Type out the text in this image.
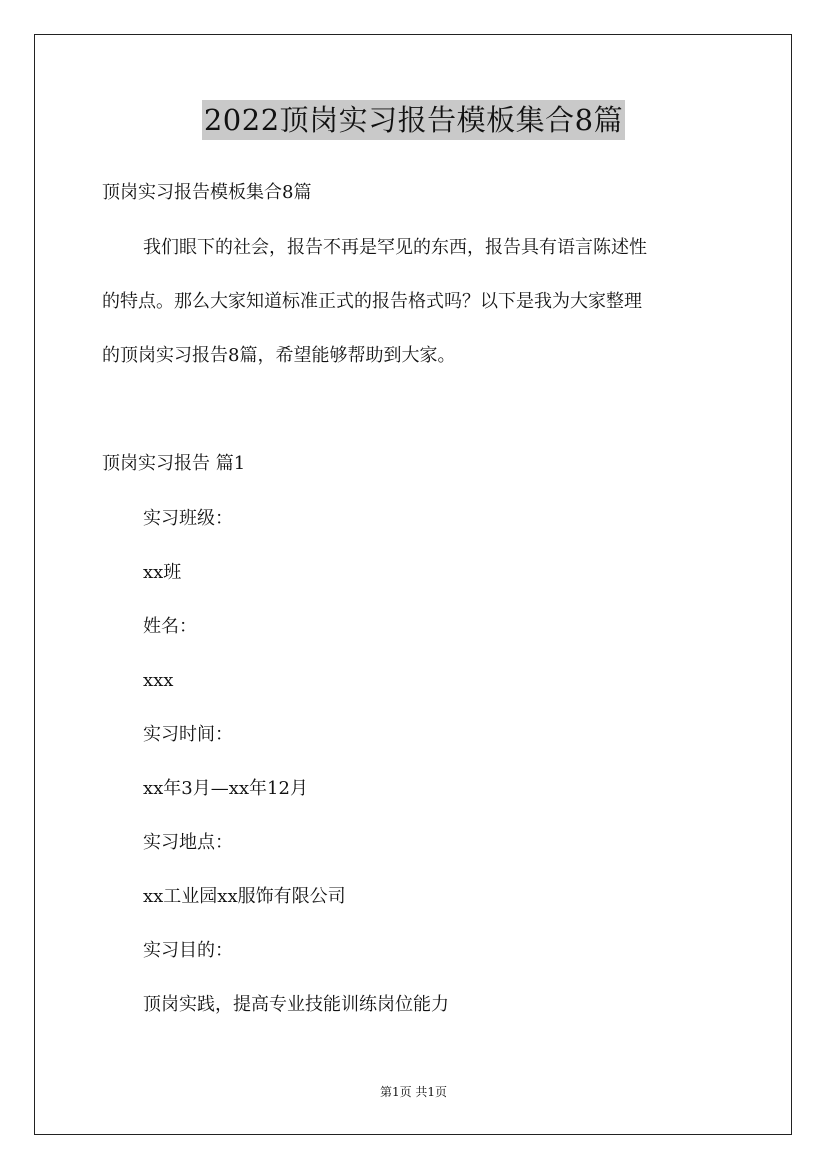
2022顶岗实习报告模板集合8篇
顶岗实习报告模板集合8篇
我们眼下的社会，报告不再是罕见的东西，报告具有语言陈述性
的特点。那么大家知道标准正式的报告格式吗？以下是我为大家整理
的顶岗实习报告8篇，希望能够帮助到大家。
顶岗实习报告 篇1
实习班级：
xx班
姓名：
xxx
实习时间：
xx年3月—xx年12月
实习地点：
xx工业园xx服饰有限公司
实习目的：
顶岗实践，提高专业技能训练岗位能力
第1页 共1页
